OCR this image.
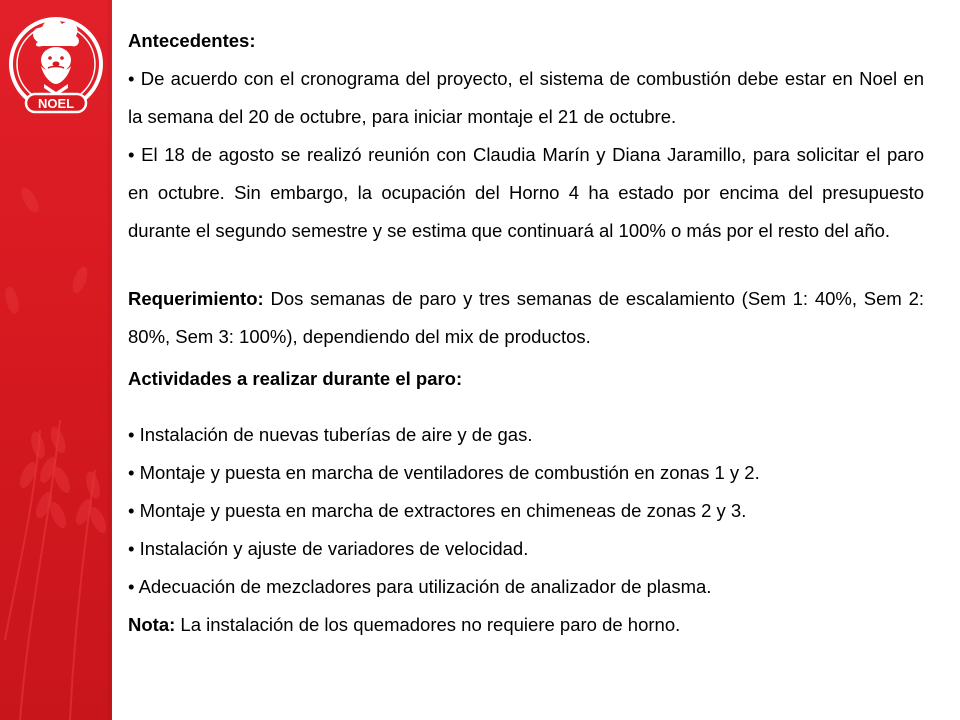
NOEL

Antecedentes:

• De acuerdo con el cronograma del proyecto, el sistema de combustión debe estar en Noel en la semana del 20 de octubre, para iniciar montaje el 21 de octubre.

• El 18 de agosto se realizó reunión con Claudia Marín y Diana Jaramillo, para solicitar el paro en octubre. Sin embargo, la ocupación del Horno 4 ha estado por encima del presupuesto durante el segundo semestre y se estima que continuará al 100% o más por el resto del año.

Requerimiento: Dos semanas de paro y tres semanas de escalamiento (Sem 1: 40%, Sem 2: 80%, Sem 3: 100%), dependiendo del mix de productos.

Actividades a realizar durante el paro:

• Instalación de nuevas tuberías de aire y de gas.

• Montaje y puesta en marcha de ventiladores de combustión en zonas 1 y 2.

• Montaje y puesta en marcha de extractores en chimeneas de zonas 2 y 3.

• Instalación y ajuste de variadores de velocidad.

• Adecuación de mezcladores para utilización de analizador de plasma.

Nota: La instalación de los quemadores no requiere paro de horno.
